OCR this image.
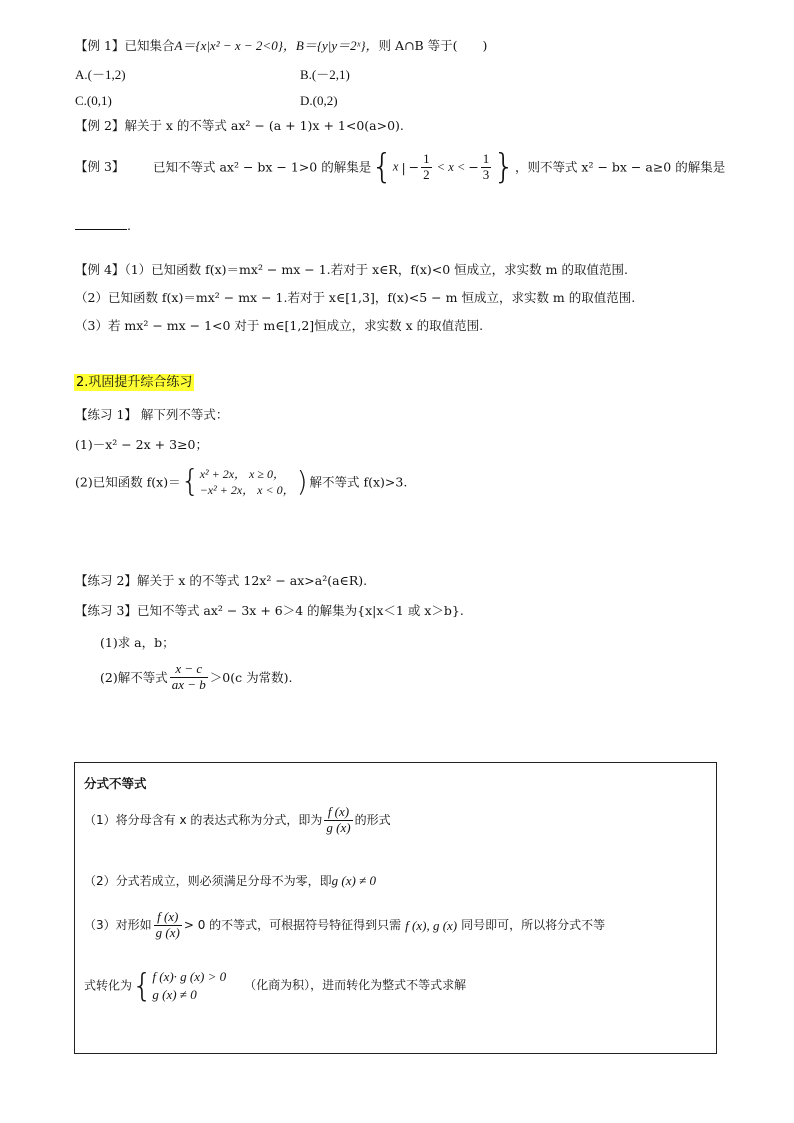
【例 1】已知集合A＝{x|x² − x − 2<0}，B＝{y|y＝2ˣ}，则 A∩B 等于(　　)
A.(－1,2)	B.(－2,1)
C.(0,1)	D.(0,2)
【例 2】解关于 x 的不等式 ax² − (a + 1)x + 1<0(a>0).
【例 3】 已知不等式 ax² − bx − 1>0 的解集是{x | − $\frac{1}{2} < x$ < − $\frac{1}{3}$ }，则不等式 x² − bx − a≥0 的解集是
.
【例 4】（1）已知函数 f(x)＝mx² − mx − 1.若对于 x∈R，f(x)<0 恒成立，求实数 m 的取值范围.
（2）已知函数 f(x)＝mx² − mx − 1.若对于 x∈[1,3]，f(x)<5 − m 恒成立，求实数 m 的取值范围.
（3）若 mx² − mx − 1<0 对于 m∈[1,2]恒成立，求实数 x 的取值范围.
2.巩固提升综合练习
【练习 1】 解下列不等式：
(1)－x² − 2x + 3≥0；
(2)已知函数 f(x)＝{ x² + 2x， x ≥ 0，
−x² + 2x， x < 0， ) 解不等式 f(x)>3.
【练习 2】解关于 x 的不等式 12x² − ax>a²(a∈R).
【练习 3】已知不等式 ax² − 3x + 6＞4 的解集为{x|x＜1 或 x＞b}.
(1)求 a，b；
(2)解不等式 $\frac{x - c}{ax - b} >0(c$ 为常数).
分式不等式
（1）将分母含有 x 的表达式称为分式，即为 $\frac{f (x)}{g (x)}$ 的形式
（2）分式若成立，则必须满足分母不为零，即g (x) ≠ 0
（3）对形如 $\frac{f (x)}{g (x)} > 0$ 的不等式，可根据符号特征得到只需 f (x), g (x) 同号即可，所以将分式不等
式转化为{ f (x)· g (x) > 0
g (x) ≠ 0
（化商为积），进而转化为整式不等式求解
